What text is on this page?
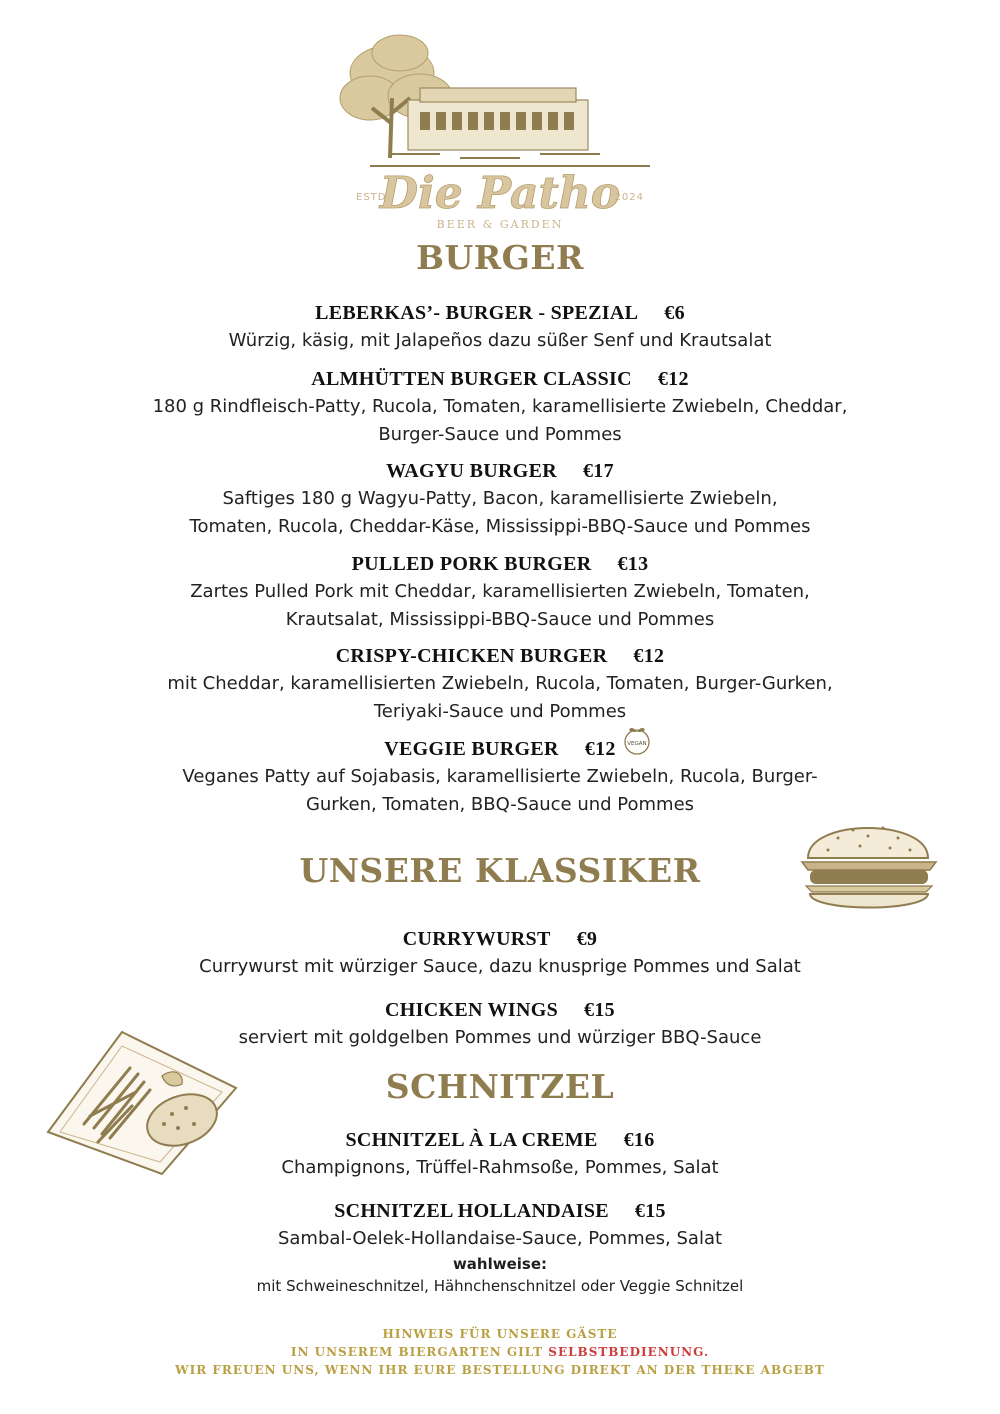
ESTD
Die Patho
2024
BEER & GARDEN
BURGER
LEBERKAS’- BURGER - SPEZIAL €6
Würzig, käsig, mit Jalapeños dazu süßer Senf und Krautsalat
ALMHÜTTEN BURGER CLASSIC €12
180 g Rindfleisch-Patty, Rucola, Tomaten, karamellisierte Zwiebeln, Cheddar,
Burger-Sauce und Pommes
WAGYU BURGER €17
Saftiges 180 g Wagyu-Patty, Bacon, karamellisierte Zwiebeln,
Tomaten, Rucola, Cheddar-Käse, Mississippi-BBQ-Sauce und Pommes
PULLED PORK BURGER €13
Zartes Pulled Pork mit Cheddar, karamellisierten Zwiebeln, Tomaten,
Krautsalat, Mississippi-BBQ-Sauce und Pommes
CRISPY-CHICKEN BURGER €12
mit Cheddar, karamellisierten Zwiebeln, Rucola, Tomaten, Burger-Gurken,
Teriyaki-Sauce und Pommes
VEGGIE BURGER €12
Veganes Patty auf Sojabasis, karamellisierte Zwiebeln, Rucola, Burger-
Gurken, Tomaten, BBQ-Sauce und Pommes
VEGAN
UNSERE KLASSIKER
CURRYWURST €9
Currywurst mit würziger Sauce, dazu knusprige Pommes und Salat
CHICKEN WINGS €15
serviert mit goldgelben Pommes und würziger BBQ-Sauce
SCHNITZEL
SCHNITZEL À LA CREME €16
Champignons, Trüffel-Rahmsoße, Pommes, Salat
SCHNITZEL HOLLANDAISE €15
Sambal-Oelek-Hollandaise-Sauce, Pommes, Salat
wahlweise:
mit Schweineschnitzel, Hähnchenschnitzel oder Veggie Schnitzel
HINWEIS FÜR UNSERE GÄSTE
IN UNSEREM BIERGARTEN GILT SELBSTBEDIENUNG.
WIR FREUEN UNS, WENN IHR EURE BESTELLUNG DIREKT AN DER THEKE ABGEBT
